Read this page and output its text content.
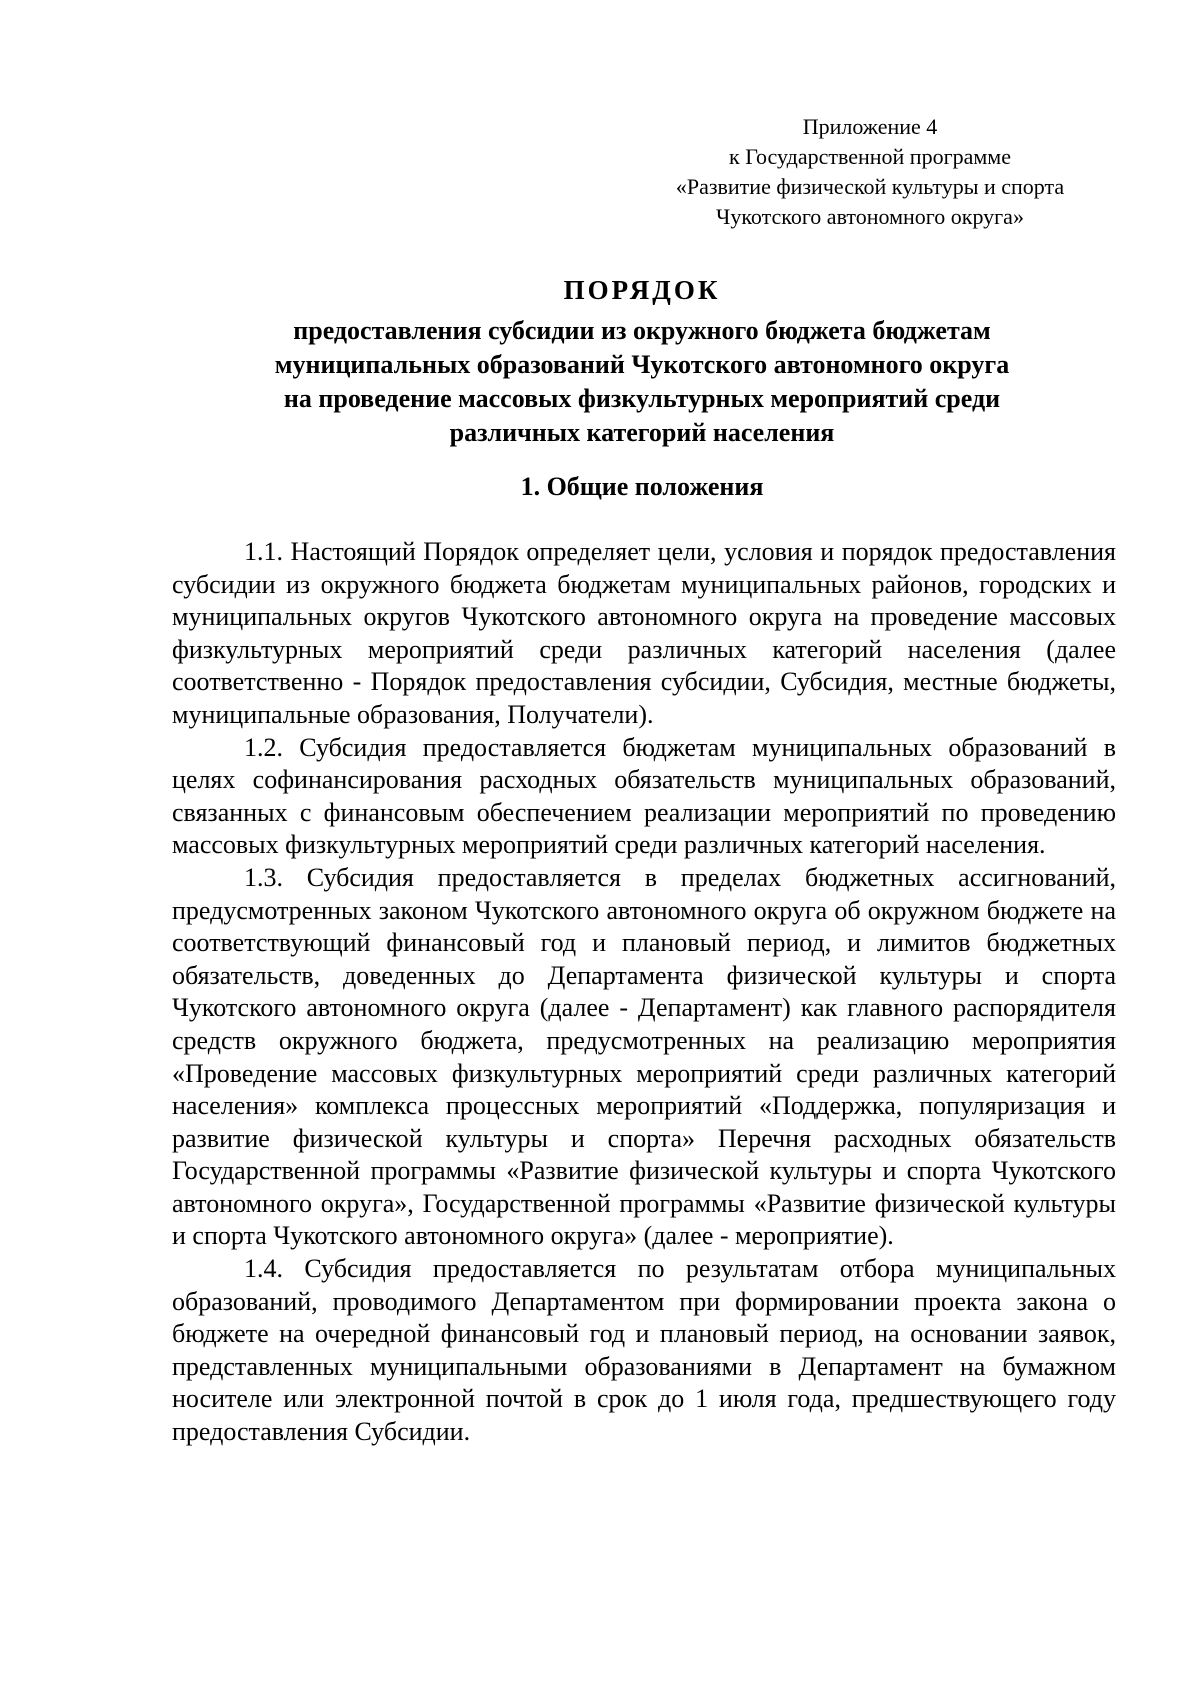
Приложение 4
к Государственной программе
«Развитие физической культуры и спорта
Чукотского автономного округа»
ПОРЯДОК
предоставления субсидии из окружного бюджета бюджетам
муниципальных образований Чукотского автономного округа
на проведение массовых физкультурных мероприятий среди
различных категорий населения
1. Общие положения

1.1. Настоящий Порядок определяет цели, условия и порядок предоставления субсидии из окружного бюджета бюджетам муниципальных районов, городских и муниципальных округов Чукотского автономного округа на проведение массовых физкультурных мероприятий среди различных категорий населения (далее соответственно - Порядок предоставления субсидии, Субсидия, местные бюджеты, муниципальные образования, Получатели).

1.2. Субсидия предоставляется бюджетам муниципальных образований в целях софинансирования расходных обязательств муниципальных образований, связанных с финансовым обеспечением реализации мероприятий по проведению массовых физкультурных мероприятий среди различных категорий населения.

1.3. Субсидия предоставляется в пределах бюджетных ассигнований, предусмотренных законом Чукотского автономного округа об окружном бюджете на соответствующий финансовый год и плановый период, и лимитов бюджетных обязательств, доведенных до Департамента физической культуры и спорта Чукотского автономного округа (далее - Департамент) как главного распорядителя средств окружного бюджета, предусмотренных на реализацию мероприятия «Проведение массовых физкультурных мероприятий среди различных категорий населения» комплекса процессных мероприятий «Поддержка, популяризация и развитие физической культуры и спорта» Перечня расходных обязательств Государственной программы «Развитие физической культуры и спорта Чукотского автономного округа», Государственной программы «Развитие физической культуры и спорта Чукотского автономного округа» (далее - мероприятие).

1.4. Субсидия предоставляется по результатам отбора муниципальных образований, проводимого Департаментом при формировании проекта закона о бюджете на очередной финансовый год и плановый период, на основании заявок, представленных муниципальными образованиями в Департамент на бумажном носителе или электронной почтой в срок до 1 июля года, предшествующего году предоставления Субсидии.
